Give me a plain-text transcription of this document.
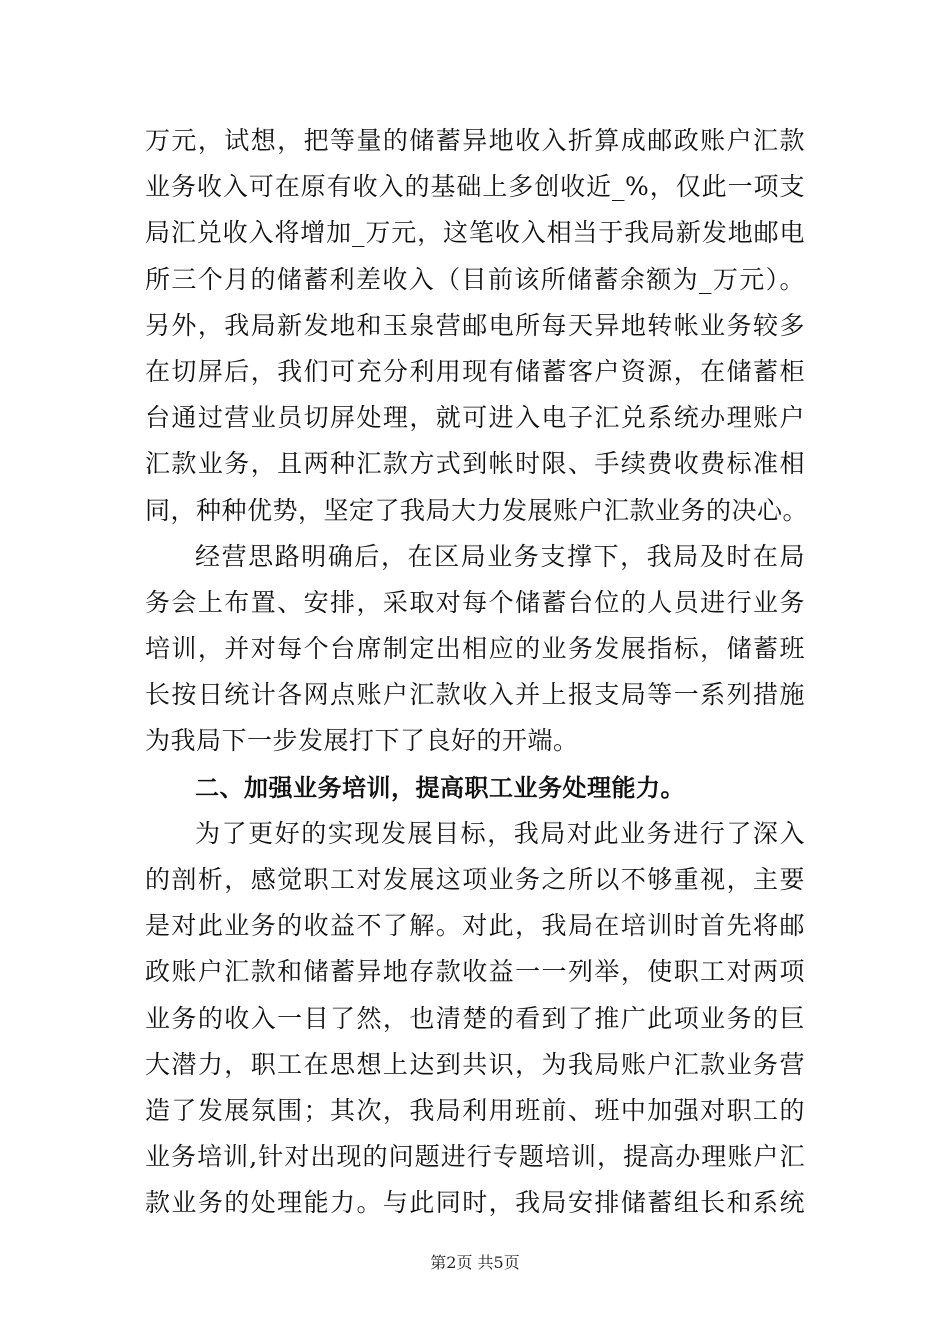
万元，试想，把等量的储蓄异地收入折算成邮政账户汇款
业务收入可在原有收入的基础上多创收近_%，仅此一项支
局汇兑收入将增加_万元，这笔收入相当于我局新发地邮电
所三个月的储蓄利差收入（目前该所储蓄余额为_万元）。
另外，我局新发地和玉泉营邮电所每天异地转帐业务较多
在切屏后，我们可充分利用现有储蓄客户资源，在储蓄柜
台通过营业员切屏处理，就可进入电子汇兑系统办理账户
汇款业务，且两种汇款方式到帐时限、手续费收费标准相
同，种种优势，坚定了我局大力发展账户汇款业务的决心。
经营思路明确后，在区局业务支撑下，我局及时在局
务会上布置、安排，采取对每个储蓄台位的人员进行业务
培训，并对每个台席制定出相应的业务发展指标，储蓄班
长按日统计各网点账户汇款收入并上报支局等一系列措施
为我局下一步发展打下了良好的开端。
二、加强业务培训，提高职工业务处理能力。
为了更好的实现发展目标，我局对此业务进行了深入
的剖析，感觉职工对发展这项业务之所以不够重视，主要
是对此业务的收益不了解。对此，我局在培训时首先将邮
政账户汇款和储蓄异地存款收益一一列举，使职工对两项
业务的收入一目了然，也清楚的看到了推广此项业务的巨
大潜力，职工在思想上达到共识，为我局账户汇款业务营
造了发展氛围；其次，我局利用班前、班中加强对职工的
业务培训,针对出现的问题进行专题培训，提高办理账户汇
款业务的处理能力。与此同时，我局安排储蓄组长和系统
第2页 共5页
